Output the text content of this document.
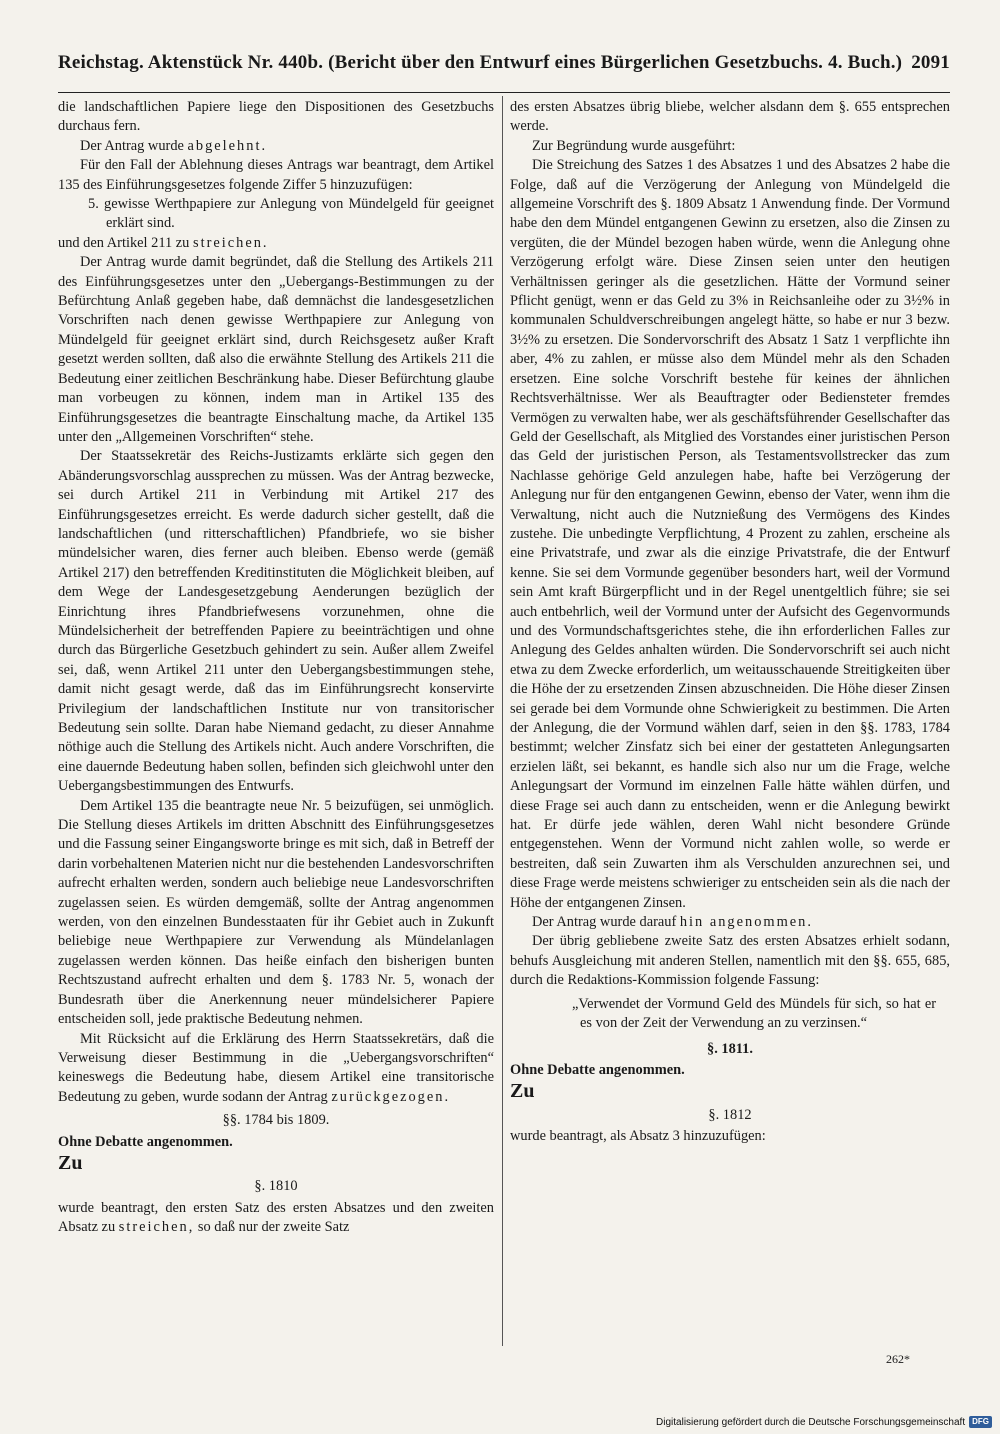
Reichstag. Aktenstück Nr. 440b. (Bericht über den Entwurf eines Bürgerlichen Gesetzbuchs. 4. Buch.) 2091

die landschaftlichen Papiere liege den Dispositionen des Gesetzbuchs durchaus fern.

Der Antrag wurde abgelehnt.

Für den Fall der Ablehnung dieses Antrags war beantragt, dem Artikel 135 des Einführungsgesetzes folgende Ziffer 5 hinzuzufügen:

5. gewisse Werthpapiere zur Anlegung von Mündelgeld für geeignet erklärt sind.

und den Artikel 211 zu streichen.

Der Antrag wurde damit begründet, daß die Stellung des Artikels 211 des Einführungsgesetzes unter den „Uebergangs-Bestimmungen zu der Befürchtung Anlaß gegeben habe, daß demnächst die landesgesetzlichen Vorschriften nach denen gewisse Werthpapiere zur Anlegung von Mündelgeld für geeignet erklärt sind, durch Reichsgesetz außer Kraft gesetzt werden sollten, daß also die erwähnte Stellung des Artikels 211 die Bedeutung einer zeitlichen Beschränkung habe. Dieser Befürchtung glaube man vorbeugen zu können, indem man in Artikel 135 des Einführungsgesetzes die beantragte Einschaltung mache, da Artikel 135 unter den „Allgemeinen Vorschriften“ stehe.

Der Staatssekretär des Reichs-Justizamts erklärte sich gegen den Abänderungsvorschlag aussprechen zu müssen. Was der Antrag bezwecke, sei durch Artikel 211 in Verbindung mit Artikel 217 des Einführungsgesetzes erreicht. Es werde dadurch sicher gestellt, daß die landschaftlichen (und ritterschaftlichen) Pfandbriefe, wo sie bisher mündelsicher waren, dies ferner auch bleiben. Ebenso werde (gemäß Artikel 217) den betreffenden Kreditinstituten die Möglichkeit bleiben, auf dem Wege der Landesgesetzgebung Aenderungen bezüglich der Einrichtung ihres Pfandbriefwesens vorzunehmen, ohne die Mündelsicherheit der betreffenden Papiere zu beeinträchtigen und ohne durch das Bürgerliche Gesetzbuch gehindert zu sein. Außer allem Zweifel sei, daß, wenn Artikel 211 unter den Uebergangsbestimmungen stehe, damit nicht gesagt werde, daß das im Einführungsrecht konservirte Privilegium der landschaftlichen Institute nur von transitorischer Bedeutung sein sollte. Daran habe Niemand gedacht, zu dieser Annahme nöthige auch die Stellung des Artikels nicht. Auch andere Vorschriften, die eine dauernde Bedeutung haben sollen, befinden sich gleichwohl unter den Uebergangsbestimmungen des Entwurfs.

Dem Artikel 135 die beantragte neue Nr. 5 beizufügen, sei unmöglich. Die Stellung dieses Artikels im dritten Abschnitt des Einführungsgesetzes und die Fassung seiner Eingangsworte bringe es mit sich, daß in Betreff der darin vorbehaltenen Materien nicht nur die bestehenden Landesvorschriften aufrecht erhalten werden, sondern auch beliebige neue Landesvorschriften zugelassen seien. Es würden demgemäß, sollte der Antrag angenommen werden, von den einzelnen Bundesstaaten für ihr Gebiet auch in Zukunft beliebige neue Werthpapiere zur Verwendung als Mündelanlagen zugelassen werden können. Das heiße einfach den bisherigen bunten Rechtszustand aufrecht erhalten und dem §. 1783 Nr. 5, wonach der Bundesrath über die Anerkennung neuer mündelsicherer Papiere entscheiden soll, jede praktische Bedeutung nehmen.

Mit Rücksicht auf die Erklärung des Herrn Staatssekretärs, daß die Verweisung dieser Bestimmung in die „Uebergangsvorschriften“ keineswegs die Bedeutung habe, diesem Artikel eine transitorische Bedeutung zu geben, wurde sodann der Antrag zurückgezogen.

§§. 1784 bis 1809.

Ohne Debatte angenommen.

Zu

§. 1810

wurde beantragt, den ersten Satz des ersten Absatzes und den zweiten Absatz zu streichen, so daß nur der zweite Satz

des ersten Absatzes übrig bliebe, welcher alsdann dem §. 655 entsprechen werde.

Zur Begründung wurde ausgeführt:

Die Streichung des Satzes 1 des Absatzes 1 und des Absatzes 2 habe die Folge, daß auf die Verzögerung der Anlegung von Mündelgeld die allgemeine Vorschrift des §. 1809 Absatz 1 Anwendung finde. Der Vormund habe den dem Mündel entgangenen Gewinn zu ersetzen, also die Zinsen zu vergüten, die der Mündel bezogen haben würde, wenn die Anlegung ohne Verzögerung erfolgt wäre. Diese Zinsen seien unter den heutigen Verhältnissen geringer als die gesetzlichen. Hätte der Vormund seiner Pflicht genügt, wenn er das Geld zu 3% in Reichsanleihe oder zu 3½% in kommunalen Schuldverschreibungen angelegt hätte, so habe er nur 3 bezw. 3½% zu ersetzen. Die Sondervorschrift des Absatz 1 Satz 1 verpflichte ihn aber, 4% zu zahlen, er müsse also dem Mündel mehr als den Schaden ersetzen. Eine solche Vorschrift bestehe für keines der ähnlichen Rechtsverhältnisse. Wer als Beauftragter oder Bediensteter fremdes Vermögen zu verwalten habe, wer als geschäftsführender Gesellschafter das Geld der Gesellschaft, als Mitglied des Vorstandes einer juristischen Person das Geld der juristischen Person, als Testamentsvollstrecker das zum Nachlasse gehörige Geld anzulegen habe, hafte bei Verzögerung der Anlegung nur für den entgangenen Gewinn, ebenso der Vater, wenn ihm die Verwaltung, nicht auch die Nutznießung des Vermögens des Kindes zustehe. Die unbedingte Verpflichtung, 4 Prozent zu zahlen, erscheine als eine Privatstrafe, und zwar als die einzige Privatstrafe, die der Entwurf kenne. Sie sei dem Vormunde gegenüber besonders hart, weil der Vormund sein Amt kraft Bürgerpflicht und in der Regel unentgeltlich führe; sie sei auch entbehrlich, weil der Vormund unter der Aufsicht des Gegenvormunds und des Vormundschaftsgerichtes stehe, die ihn erforderlichen Falles zur Anlegung des Geldes anhalten würden. Die Sondervorschrift sei auch nicht etwa zu dem Zwecke erforderlich, um weitausschauende Streitigkeiten über die Höhe der zu ersetzenden Zinsen abzuschneiden. Die Höhe dieser Zinsen sei gerade bei dem Vormunde ohne Schwierigkeit zu bestimmen. Die Arten der Anlegung, die der Vormund wählen darf, seien in den §§. 1783, 1784 bestimmt; welcher Zinsfatz sich bei einer der gestatteten Anlegungsarten erzielen läßt, sei bekannt, es handle sich also nur um die Frage, welche Anlegungsart der Vormund im einzelnen Falle hätte wählen dürfen, und diese Frage sei auch dann zu entscheiden, wenn er die Anlegung bewirkt hat. Er dürfe jede wählen, deren Wahl nicht besondere Gründe entgegenstehen. Wenn der Vormund nicht zahlen wolle, so werde er bestreiten, daß sein Zuwarten ihm als Verschulden anzurechnen sei, und diese Frage werde meistens schwieriger zu entscheiden sein als die nach der Höhe der entgangenen Zinsen.

Der Antrag wurde darauf hin angenommen.

Der übrig gebliebene zweite Satz des ersten Absatzes erhielt sodann, behufs Ausgleichung mit anderen Stellen, namentlich mit den §§. 655, 685, durch die Redaktions-Kommission folgende Fassung:

„Verwendet der Vormund Geld des Mündels für sich, so hat er es von der Zeit der Verwendung an zu verzinsen.“

§. 1811.

Ohne Debatte angenommen.

Zu

§. 1812

wurde beantragt, als Absatz 3 hinzuzufügen:

262*
Digitalisierung gefördert durch die Deutsche Forschungsgemeinschaft DFG
